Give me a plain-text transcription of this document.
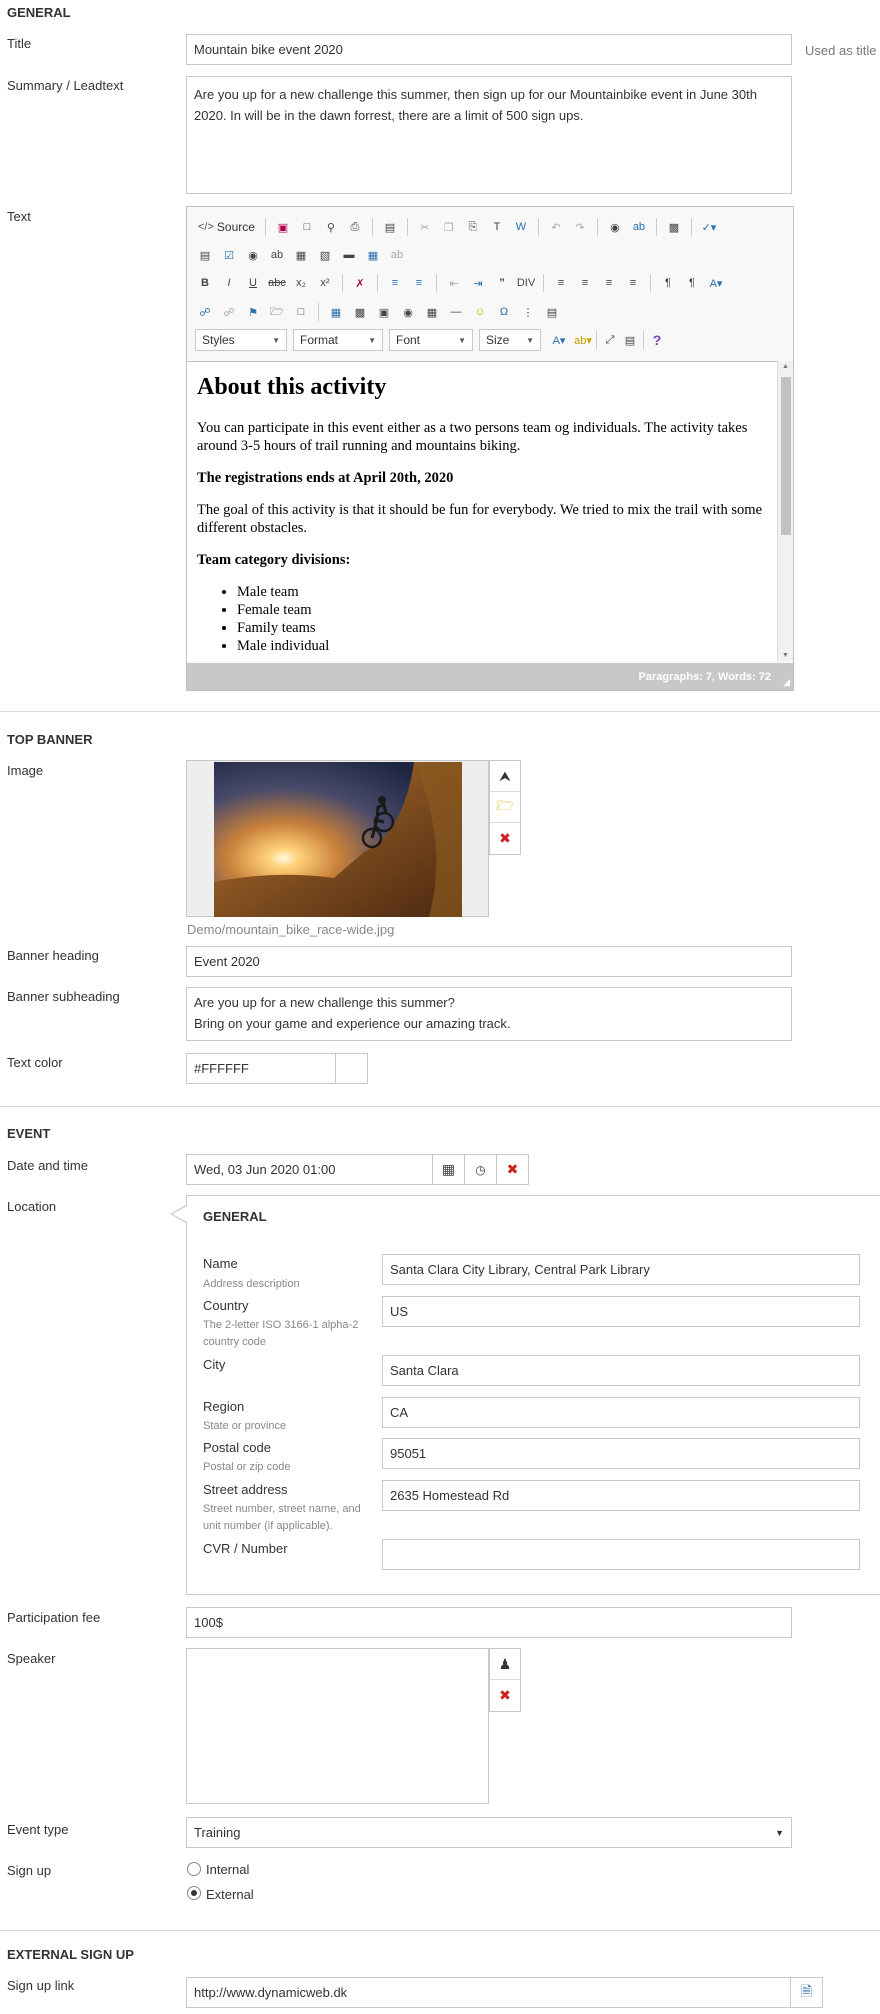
GENERAL
Title	Mountain bike event 2020	Used as title
Summary / Leadtext
Are you up for a new challenge this summer, then sign up for our Mountainbike event in June 30th 2020. In will be in the dawn forrest, there are a limit of 500 sign ups.
Text
</> Source	▣	□	⚲	⎙	▤	✂	❐	⎘	T	W	↶	↷	◉	ab	▩	✓▾
▤	☑	◉	ab	▦	▧	▬	▦	ab
B	I	U	abc x₂	x²	✗	≡	≡	⇤	⇥	”	DIV	≡	≡	≡	≡	¶	¶	A▾
☍	☍	⚑	🗁	□	▦	▩	▣	◉	▦	—	☺	Ω	⋮	▤
Styles	▼ Format	▼ Font	▼ Size ▼	A▾ ab▾	⤢ ▤	?
About this activity

You can participate in this event either as a two persons team og individuals. The activity takes around 3-5 hours of trail running and mountains biking.

The registrations ends at April 20th, 2020

The goal of this activity is that it should be fun for everybody. We tried to mix the trail with some different obstacles.

Team category divisions:

• Male team
• Female team
• Family teams
• Male individual
▲
▼
Paragraphs: 7, Words: 72 ◢
TOP BANNER
Image	⮝
🗁
✖
Demo/mountain_bike_race-wide.jpg
Banner heading	Event 2020
Banner subheading	Are you up for a new challenge this summer?
Bring on your game and experience our amazing track.
Text color	#FFFFFF
EVENT
Date and time	Wed, 03 Jun 2020 01:00	▦	◷	✖
Location
GENERAL
Name
Address description
Santa Clara City Library, Central Park Library
Country
The 2-letter ISO 3166-1 alpha-2 country code
US
City	Santa Clara
Region
State or province
CA
Postal code
Postal or zip code
95051
Street address
Street number, street name, and unit number (if applicable).
2635 Homestead Rd
CVR / Number
Participation fee	100$
Speaker	♟
✖
Event type	Training	▼
Sign up	Internal
External
EXTERNAL SIGN UP
Sign up link	http://www.dynamicweb.dk	🗎
